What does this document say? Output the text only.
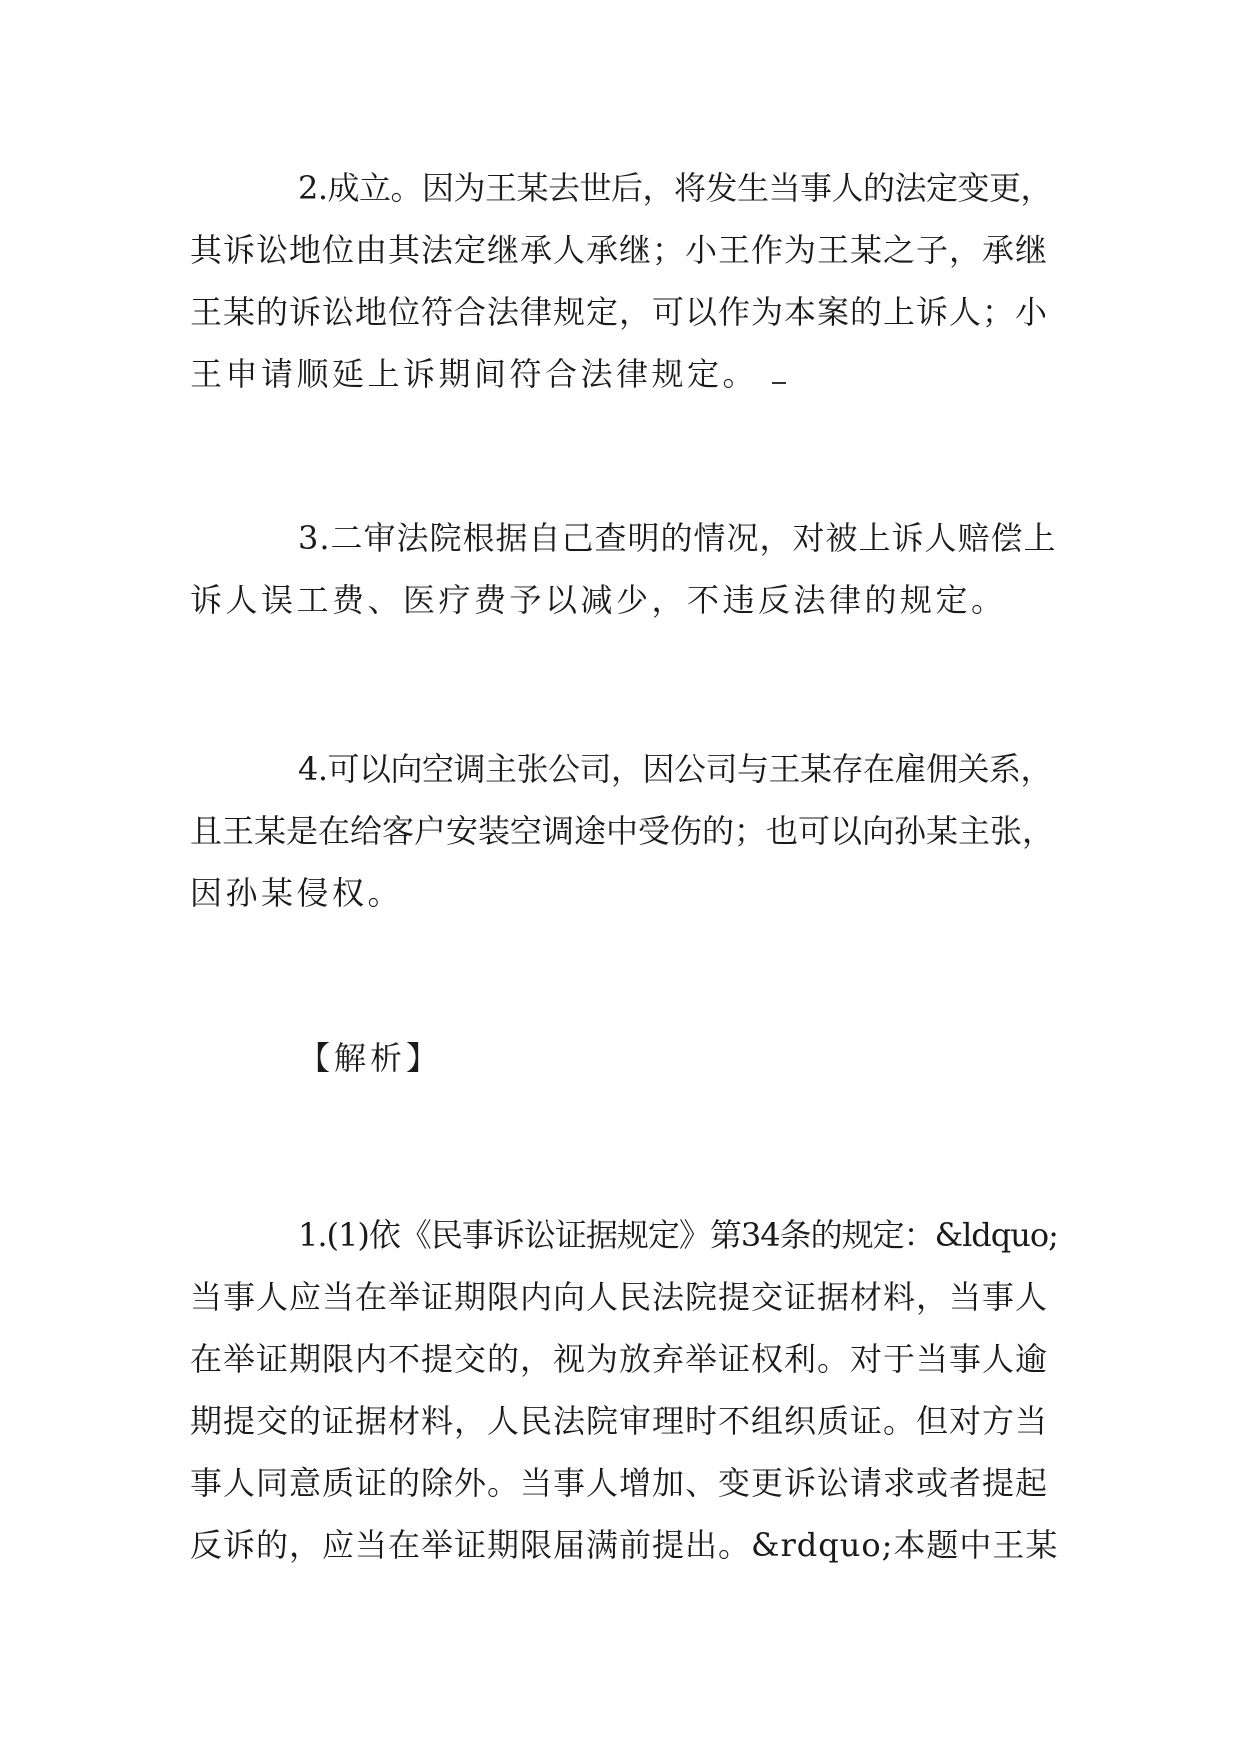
2.成立。因为王某去世后，将发生当事人的法定变更，
其诉讼地位由其法定继承人承继；小王作为王某之子，承继
王某的诉讼地位符合法律规定，可以作为本案的上诉人；小
王申请顺延上诉期间符合法律规定。
3.二审法院根据自己查明的情况，对被上诉人赔偿上
诉人误工费、医疗费予以减少，不违反法律的规定。
4.可以向空调主张公司，因公司与王某存在雇佣关系，
且王某是在给客户安装空调途中受伤的；也可以向孙某主张，
因孙某侵权。
【解析】
1.(1)依《民事诉讼证据规定》第34条的规定：&ldquo;
当事人应当在举证期限内向人民法院提交证据材料，当事人
在举证期限内不提交的，视为放弃举证权利。对于当事人逾
期提交的证据材料，人民法院审理时不组织质证。但对方当
事人同意质证的除外。当事人增加、变更诉讼请求或者提起
反诉的，应当在举证期限届满前提出。&rdquo;本题中王某
